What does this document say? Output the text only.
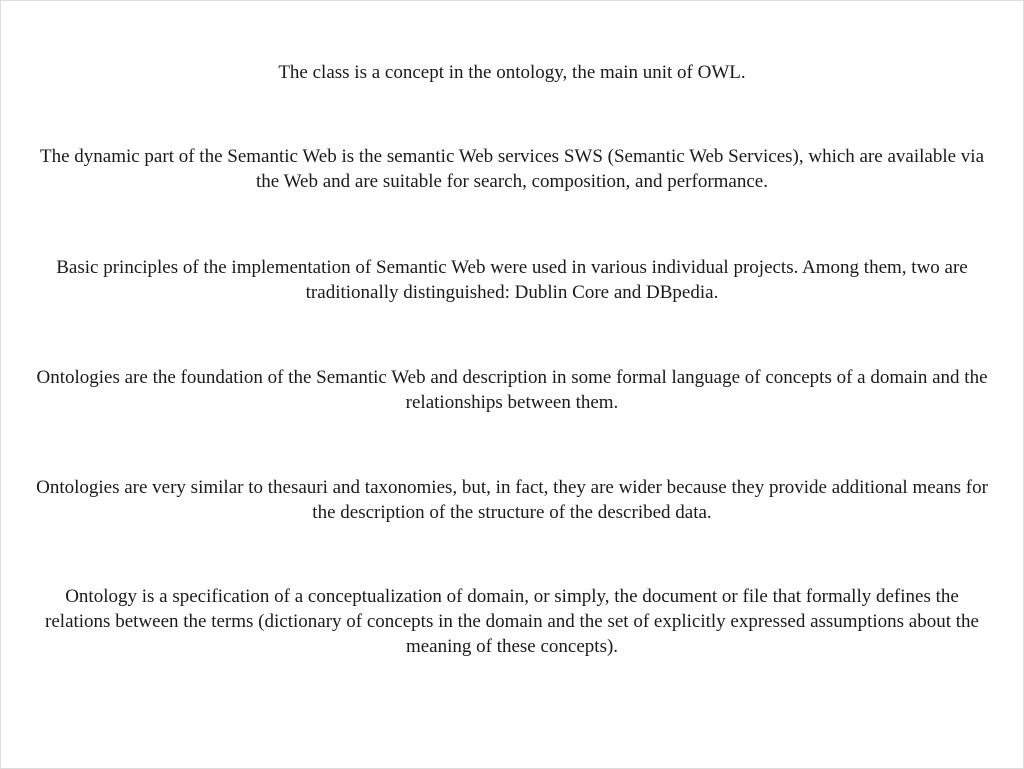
The class is a concept in the ontology, the main unit of OWL.

The dynamic part of the Semantic Web is the semantic Web services SWS (Semantic Web Services), which are available via the Web and are suitable for search, composition, and performance.

Basic principles of the implementation of Semantic Web were used in various individual projects. Among them, two are traditionally distinguished: Dublin Core and DBpedia.

Ontologies are the foundation of the Semantic Web and description in some formal language of concepts of a domain and the relationships between them.

Ontologies are very similar to thesauri and taxonomies, but, in fact, they are wider because they provide additional means for the description of the structure of the described data.

Ontology is a specification of a conceptualization of domain, or simply, the document or file that formally defines the relations between the terms (dictionary of concepts in the domain and the set of explicitly expressed assumptions about the meaning of these concepts).
